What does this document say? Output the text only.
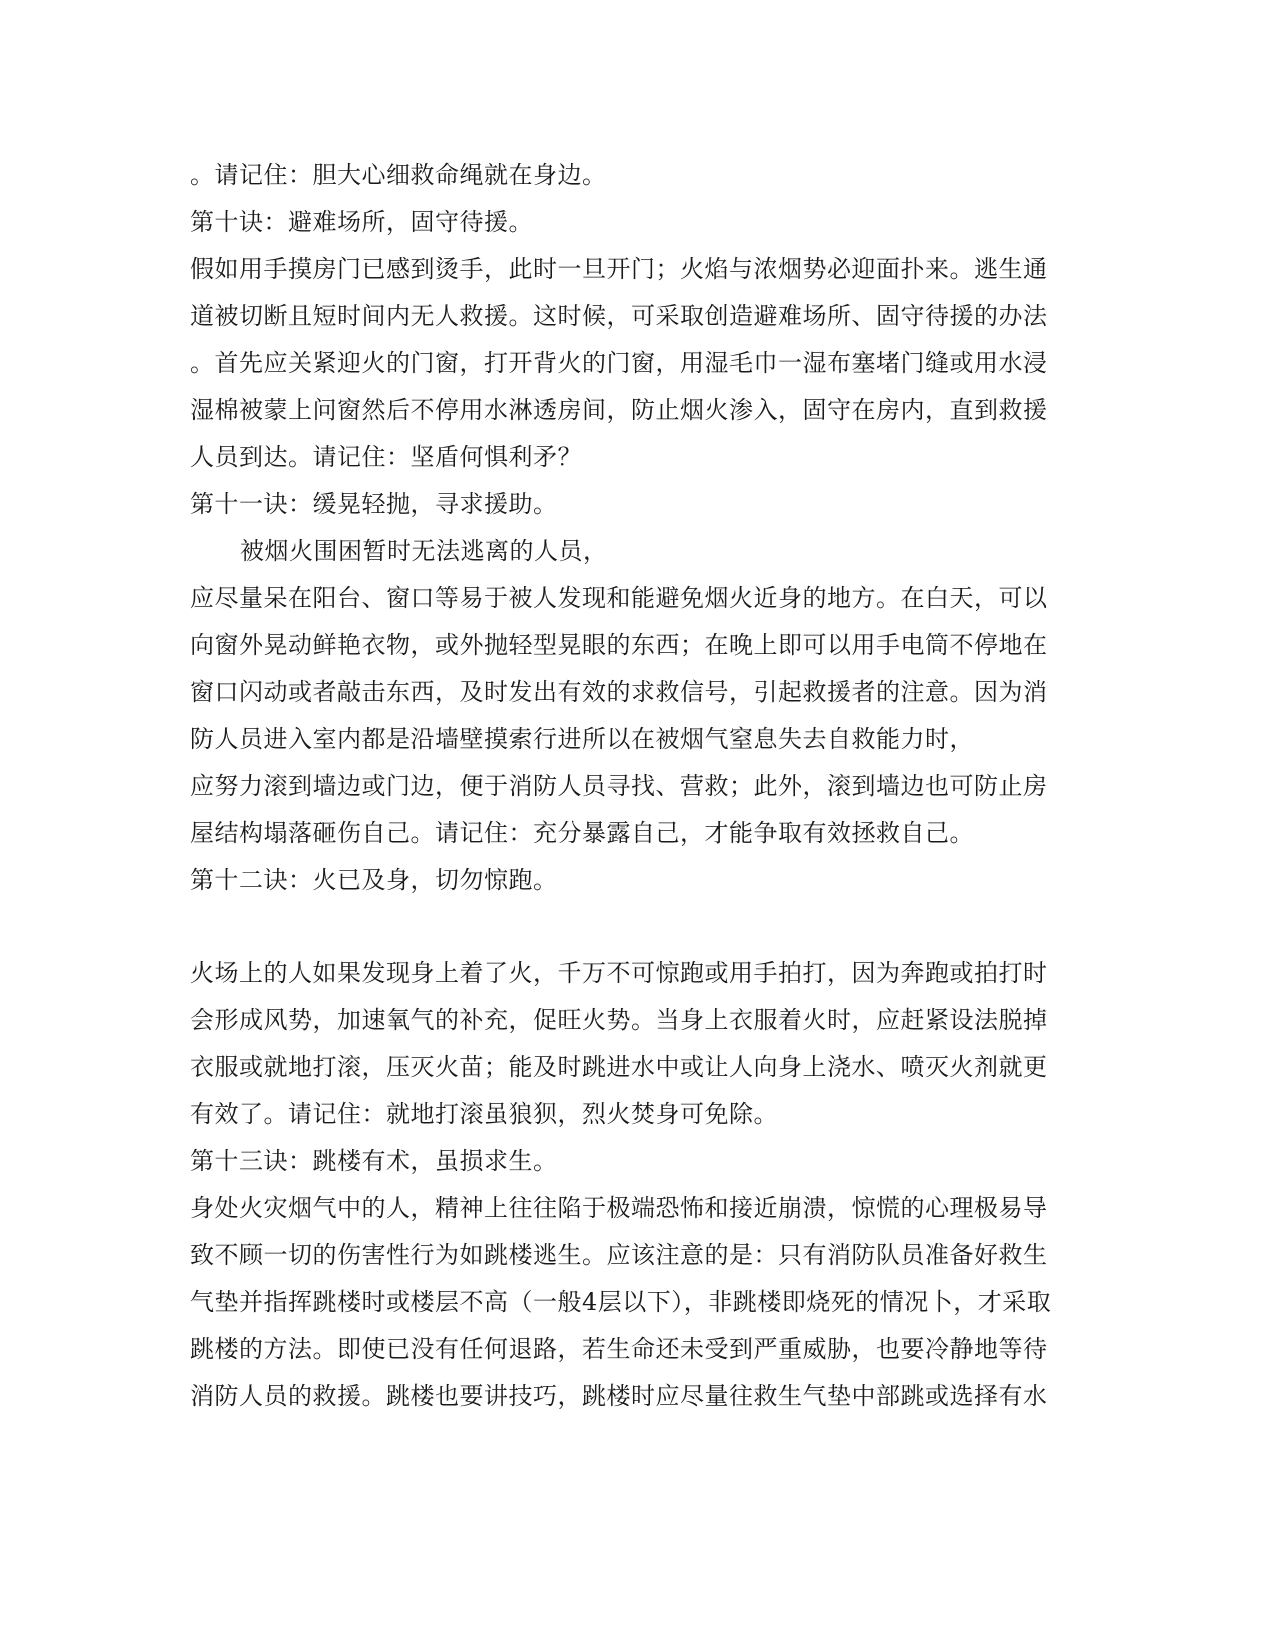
。请记住：胆大心细救命绳就在身边。
第十诀：避难场所，固守待援。
假如用手摸房门已感到烫手，此时一旦开门；火焰与浓烟势必迎面扑来。逃生通
道被切断且短时间内无人救援。这时候，可采取创造避难场所、固守待援的办法
。首先应关紧迎火的门窗，打开背火的门窗，用湿毛巾一湿布塞堵门缝或用水浸
湿棉被蒙上问窗然后不停用水淋透房间，防止烟火渗入，固守在房内，直到救援
人员到达。请记住：坚盾何惧利矛？
第十一诀：缓晃轻抛，寻求援助。
被烟火围困暂时无法逃离的人员，
应尽量呆在阳台、窗口等易于被人发现和能避免烟火近身的地方。在白天，可以
向窗外晃动鲜艳衣物，或外抛轻型晃眼的东西；在晚上即可以用手电筒不停地在
窗口闪动或者敲击东西，及时发出有效的求救信号，引起救援者的注意。因为消
防人员进入室内都是沿墙壁摸索行进所以在被烟气窒息失去自救能力时，
应努力滚到墙边或门边，便于消防人员寻找、营救；此外，滚到墙边也可防止房
屋结构塌落砸伤自己。请记住：充分暴露自己，才能争取有效拯救自己。
第十二诀：火已及身，切勿惊跑。
火场上的人如果发现身上着了火，千万不可惊跑或用手拍打，因为奔跑或拍打时
会形成风势，加速氧气的补充，促旺火势。当身上衣服着火时，应赶紧设法脱掉
衣服或就地打滚，压灭火苗；能及时跳进水中或让人向身上浇水、喷灭火剂就更
有效了。请记住：就地打滚虽狼狈，烈火焚身可免除。
第十三诀：跳楼有术，虽损求生。
身处火灾烟气中的人，精神上往往陷于极端恐怖和接近崩溃，惊慌的心理极易导
致不顾一切的伤害性行为如跳楼逃生。应该注意的是：只有消防队员准备好救生
气垫并指挥跳楼时或楼层不高（一般4层以下），非跳楼即烧死的情况卜，才采取
跳楼的方法。即使已没有任何退路，若生命还未受到严重威胁，也要冷静地等待
消防人员的救援。跳楼也要讲技巧，跳楼时应尽量往救生气垫中部跳或选择有水
